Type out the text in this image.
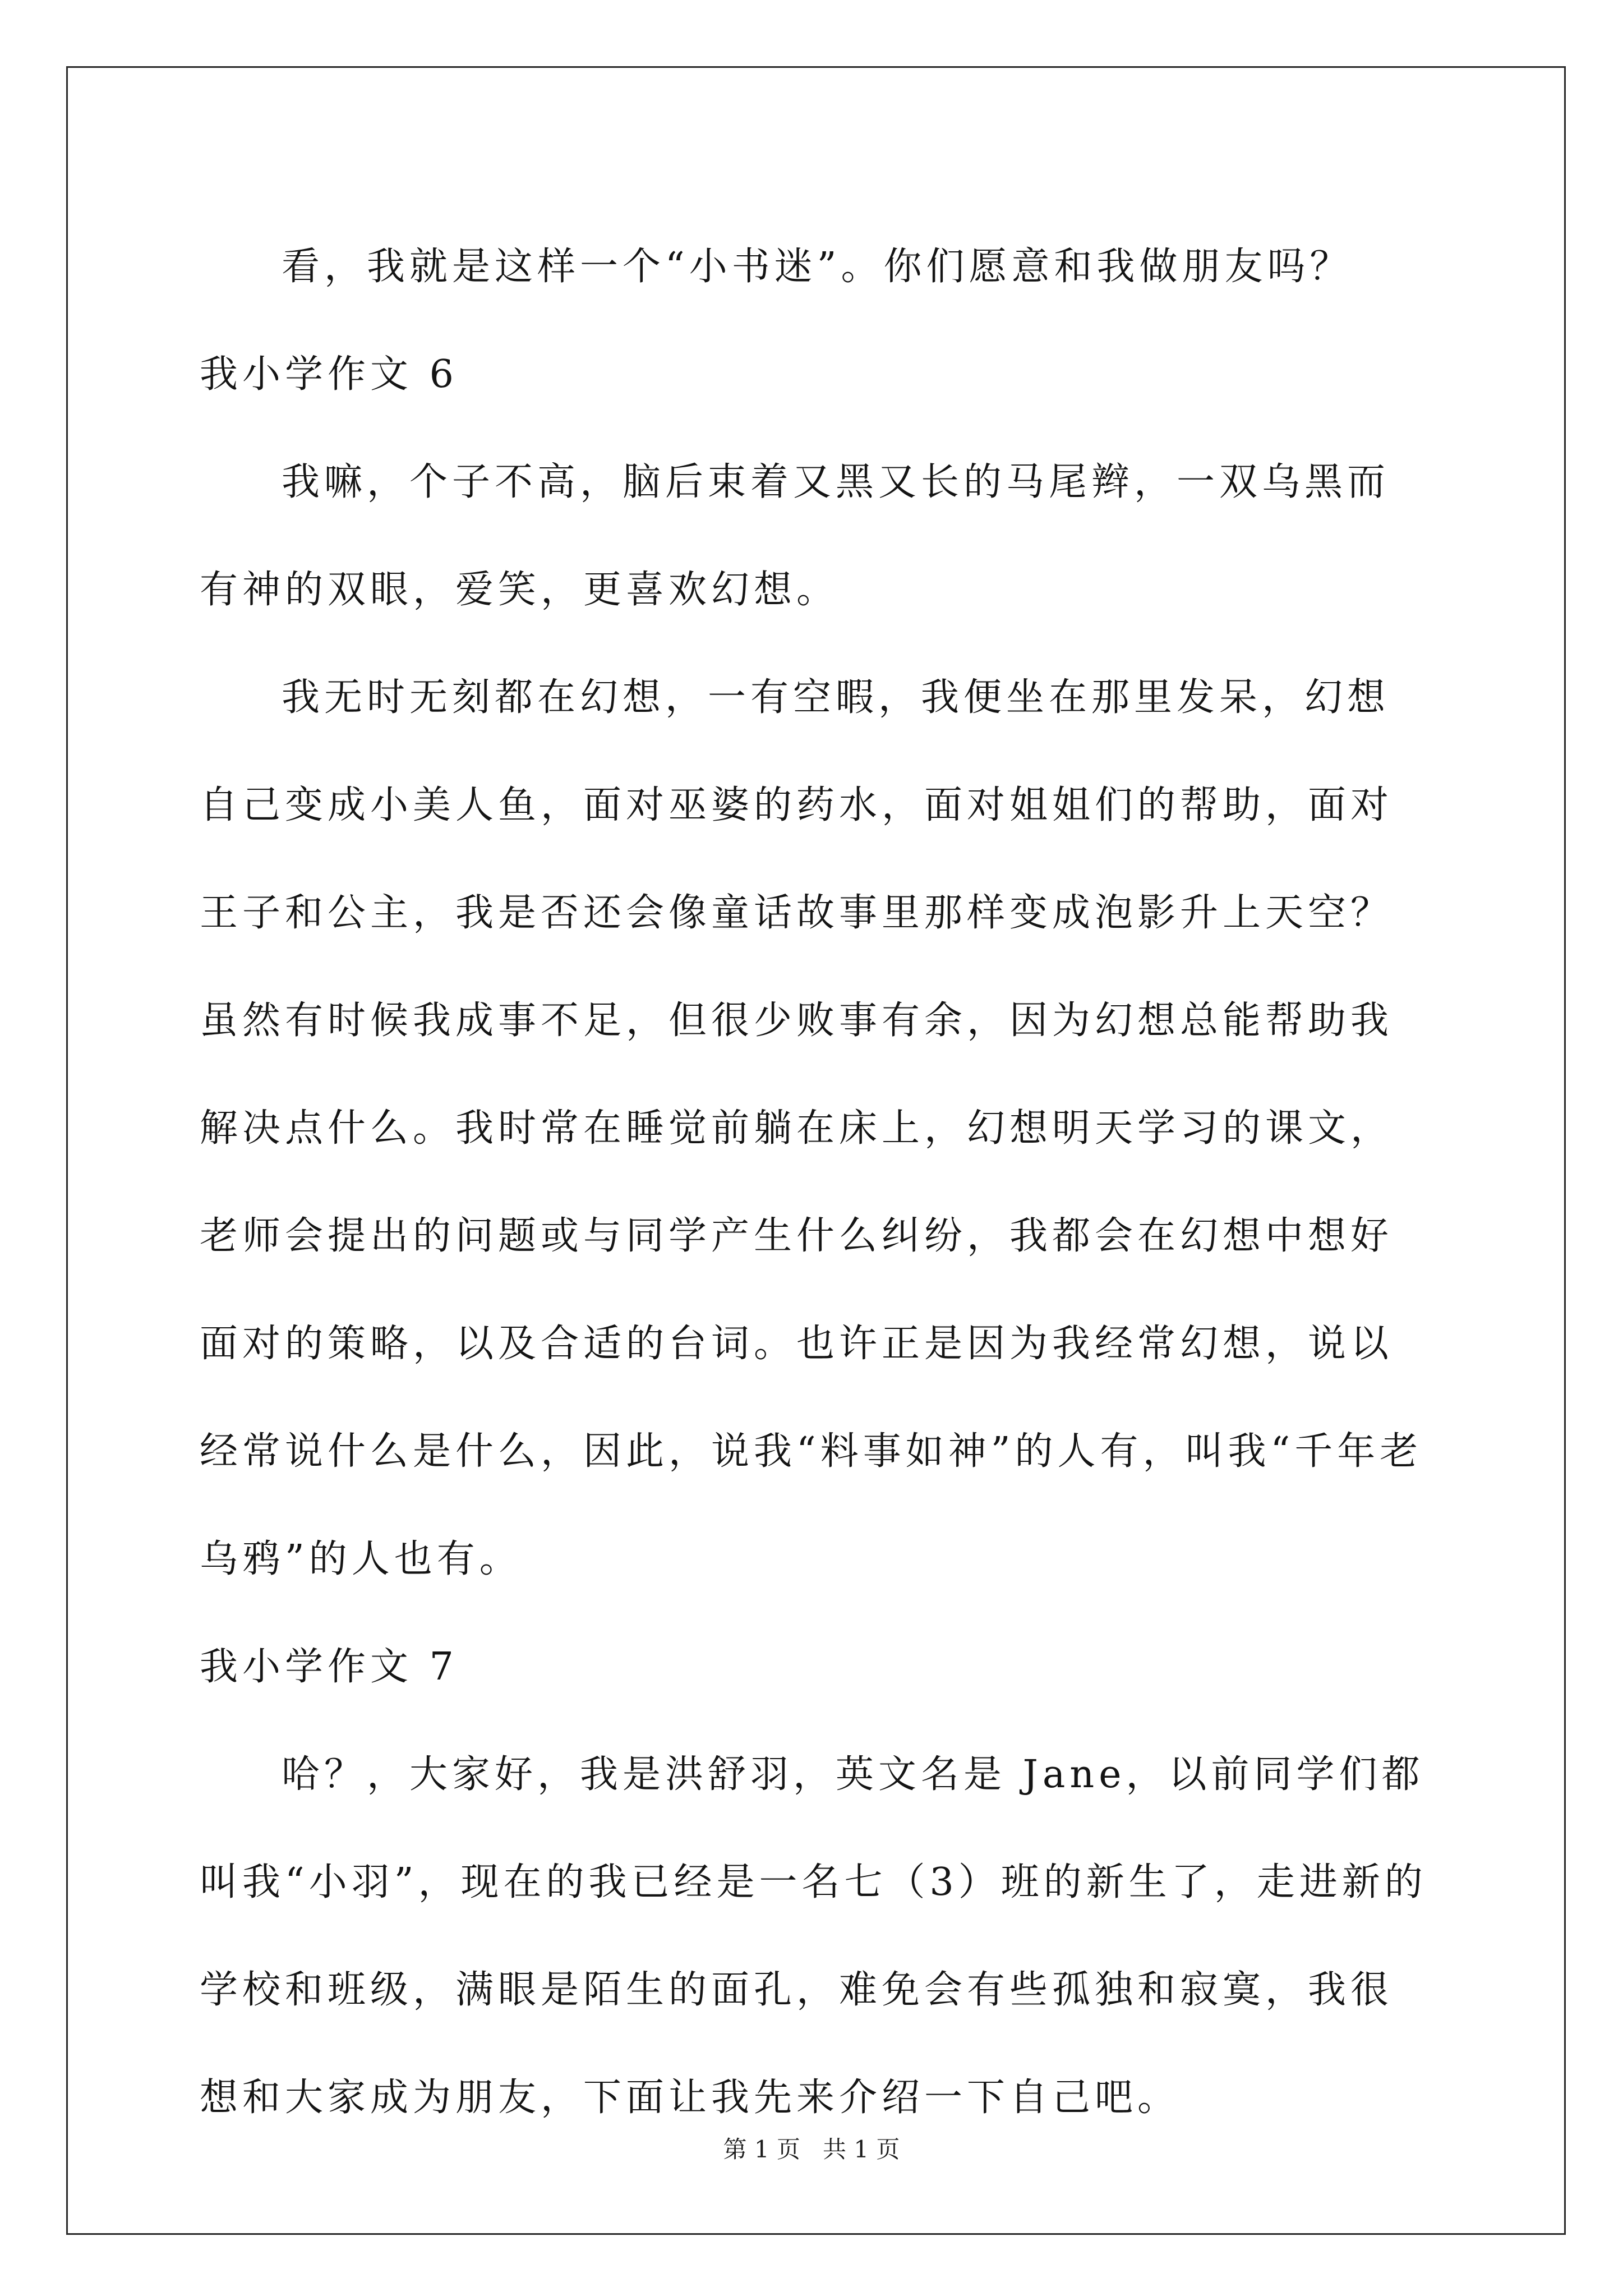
看，我就是这样一个“小书迷”。你们愿意和我做朋友吗？

我小学作文 6

我嘛，个子不高，脑后束着又黑又长的马尾辫，一双乌黑而有神的双眼，爱笑，更喜欢幻想。

我无时无刻都在幻想，一有空暇，我便坐在那里发呆，幻想自己变成小美人鱼，面对巫婆的药水，面对姐姐们的帮助，面对王子和公主，我是否还会像童话故事里那样变成泡影升上天空？虽然有时候我成事不足，但很少败事有余，因为幻想总能帮助我解决点什么。我时常在睡觉前躺在床上，幻想明天学习的课文，老师会提出的问题或与同学产生什么纠纷，我都会在幻想中想好面对的策略，以及合适的台词。也许正是因为我经常幻想，说以经常说什么是什么，因此，说我“料事如神”的人有，叫我“千年老乌鸦”的人也有。

我小学作文 7

哈？，大家好，我是洪舒羽，英文名是 Jane，以前同学们都叫我“小羽”，现在的我已经是一名七（3）班的新生了，走进新的学校和班级，满眼是陌生的面孔，难免会有些孤独和寂寞，我很想和大家成为朋友，下面让我先来介绍一下自己吧。

第 1 页 共 1 页
